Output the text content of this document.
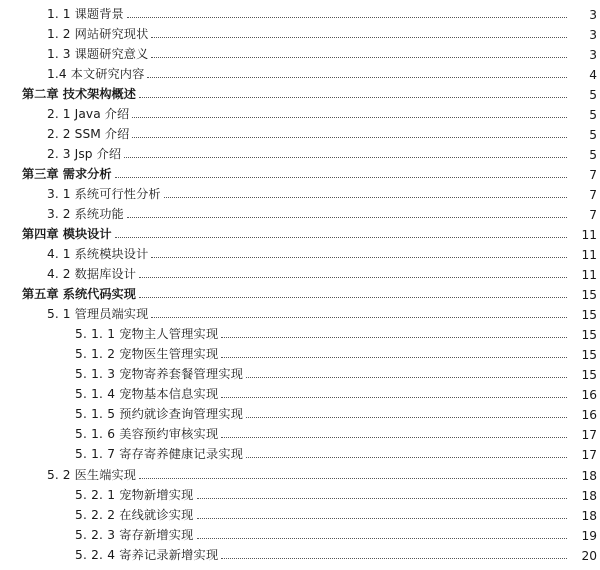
1. 1 课题背景	3
1. 2 网站研究现状	3
1. 3 课题研究意义	3
1.4 本文研究内容	4
第二章 技术架构概述	5
2. 1 Java 介绍	5
2. 2 SSM 介绍	5
2. 3 Jsp 介绍	5
第三章 需求分析	7
3. 1 系统可行性分析	7
3. 2 系统功能	7
第四章 模块设计	11
4. 1 系统模块设计	11
4. 2 数据库设计	11
第五章 系统代码实现	15
5. 1 管理员端实现	15
5. 1. 1 宠物主人管理实现	15
5. 1. 2 宠物医生管理实现	15
5. 1. 3 宠物寄养套餐管理实现	15
5. 1. 4 宠物基本信息实现	16
5. 1. 5 预约就诊查询管理实现	16
5. 1. 6 美容预约审核实现	17
5. 1. 7 寄存寄养健康记录实现	17
5. 2 医生端实现	18
5. 2. 1 宠物新增实现	18
5. 2. 2 在线就诊实现	18
5. 2. 3 寄存新增实现	19
5. 2. 4 寄养记录新增实现	20
